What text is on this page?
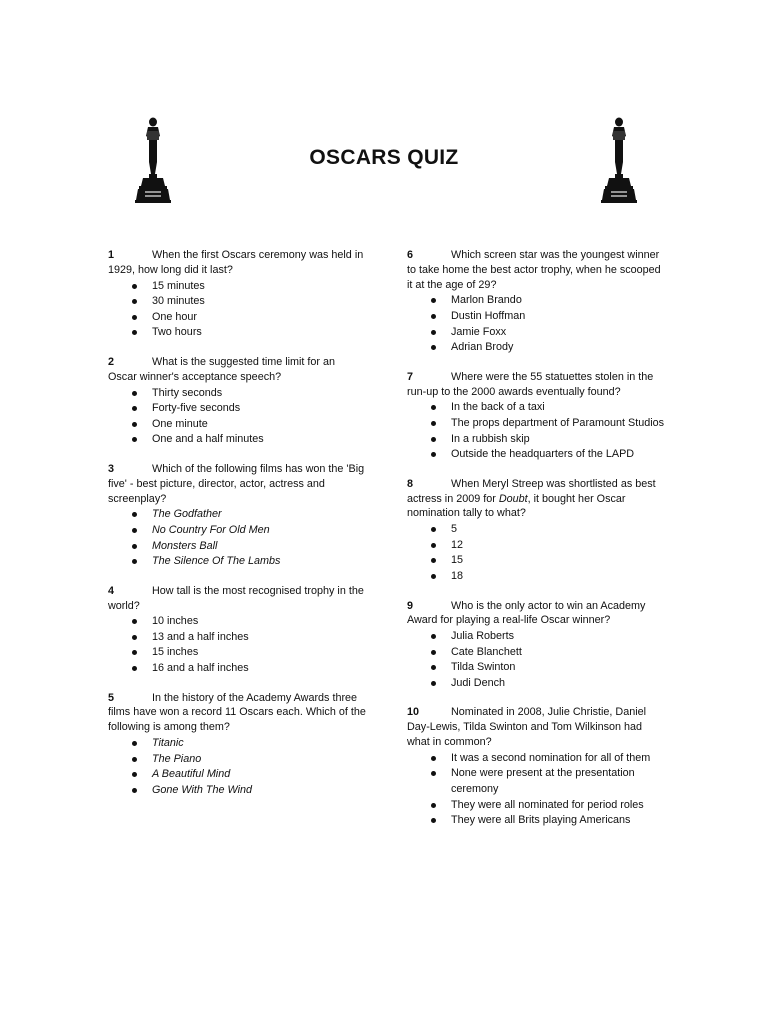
OSCARS QUIZ

1	When the first Oscars ceremony was held in 1929, how long did it last?

15 minutes
30 minutes
One hour
Two hours

2	What is the suggested time limit for an Oscar winner's acceptance speech?

Thirty seconds
Forty-five seconds
One minute
One and a half minutes

3	Which of the following films has won the 'Big five' - best picture, director, actor, actress and screenplay?

The Godfather
No Country For Old Men
Monsters Ball
The Silence Of The Lambs

4	How tall is the most recognised trophy in the world?

10 inches
13 and a half inches
15 inches
16 and a half inches

5	In the history of the Academy Awards three films have won a record 11 Oscars each. Which of the following is among them?

Titanic
The Piano
A Beautiful Mind
Gone With The Wind

6	Which screen star was the youngest winner to take home the best actor trophy, when he scooped it at the age of 29?

Marlon Brando
Dustin Hoffman
Jamie Foxx
Adrian Brody

7	Where were the 55 statuettes stolen in the run-up to the 2000 awards eventually found?

In the back of a taxi
The props department of Paramount Studios
In a rubbish skip
Outside the headquarters of the LAPD

8	When Meryl Streep was shortlisted as best actress in 2009 for Doubt, it bought her Oscar nomination tally to what?

5
12
15
18

9	Who is the only actor to win an Academy Award for playing a real-life Oscar winner?

Julia Roberts
Cate Blanchett
Tilda Swinton
Judi Dench

10	Nominated in 2008, Julie Christie, Daniel Day-Lewis, Tilda Swinton and Tom Wilkinson had what in common?

It was a second nomination for all of them
None were present at the presentation ceremony
They were all nominated for period roles
They were all Brits playing Americans
